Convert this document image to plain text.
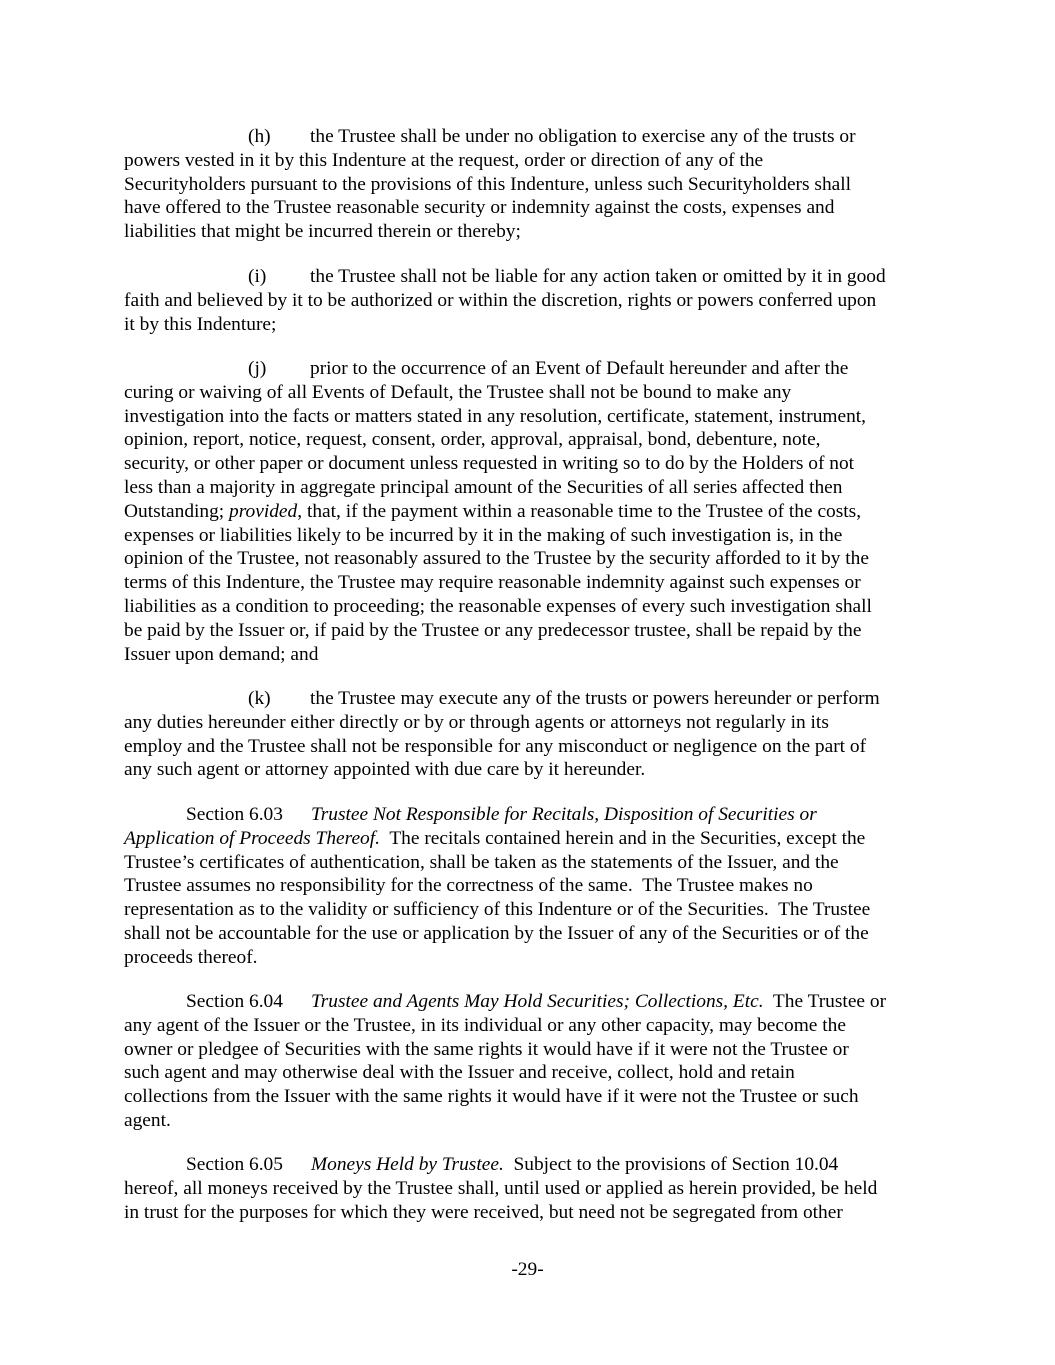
(h) the Trustee shall be under no obligation to exercise any of the trusts or
powers vested in it by this Indenture at the request, order or direction of any of the
Securityholders pursuant to the provisions of this Indenture, unless such Securityholders shall
have offered to the Trustee reasonable security or indemnity against the costs, expenses and
liabilities that might be incurred therein or thereby;
(i) the Trustee shall not be liable for any action taken or omitted by it in good
faith and believed by it to be authorized or within the discretion, rights or powers conferred upon
it by this Indenture;
(j) prior to the occurrence of an Event of Default hereunder and after the
curing or waiving of all Events of Default, the Trustee shall not be bound to make any
investigation into the facts or matters stated in any resolution, certificate, statement, instrument,
opinion, report, notice, request, consent, order, approval, appraisal, bond, debenture, note,
security, or other paper or document unless requested in writing so to do by the Holders of not
less than a majority in aggregate principal amount of the Securities of all series affected then
Outstanding; provided, that, if the payment within a reasonable time to the Trustee of the costs,
expenses or liabilities likely to be incurred by it in the making of such investigation is, in the
opinion of the Trustee, not reasonably assured to the Trustee by the security afforded to it by the
terms of this Indenture, the Trustee may require reasonable indemnity against such expenses or
liabilities as a condition to proceeding; the reasonable expenses of every such investigation shall
be paid by the Issuer or, if paid by the Trustee or any predecessor trustee, shall be repaid by the
Issuer upon demand; and
(k) the Trustee may execute any of the trusts or powers hereunder or perform
any duties hereunder either directly or by or through agents or attorneys not regularly in its
employ and the Trustee shall not be responsible for any misconduct or negligence on the part of
any such agent or attorney appointed with due care by it hereunder.
Section 6.03 Trustee Not Responsible for Recitals, Disposition of Securities or
Application of Proceeds Thereof.  The recitals contained herein and in the Securities, except the
Trustee’s certificates of authentication, shall be taken as the statements of the Issuer, and the
Trustee assumes no responsibility for the correctness of the same.  The Trustee makes no
representation as to the validity or sufficiency of this Indenture or of the Securities.  The Trustee
shall not be accountable for the use or application by the Issuer of any of the Securities or of the
proceeds thereof.
Section 6.04 Trustee and Agents May Hold Securities; Collections, Etc.  The Trustee or
any agent of the Issuer or the Trustee, in its individual or any other capacity, may become the
owner or pledgee of Securities with the same rights it would have if it were not the Trustee or
such agent and may otherwise deal with the Issuer and receive, collect, hold and retain
collections from the Issuer with the same rights it would have if it were not the Trustee or such
agent.
Section 6.05 Moneys Held by Trustee.  Subject to the provisions of Section 10.04
hereof, all moneys received by the Trustee shall, until used or applied as herein provided, be held
in trust for the purposes for which they were received, but need not be segregated from other
-29-
